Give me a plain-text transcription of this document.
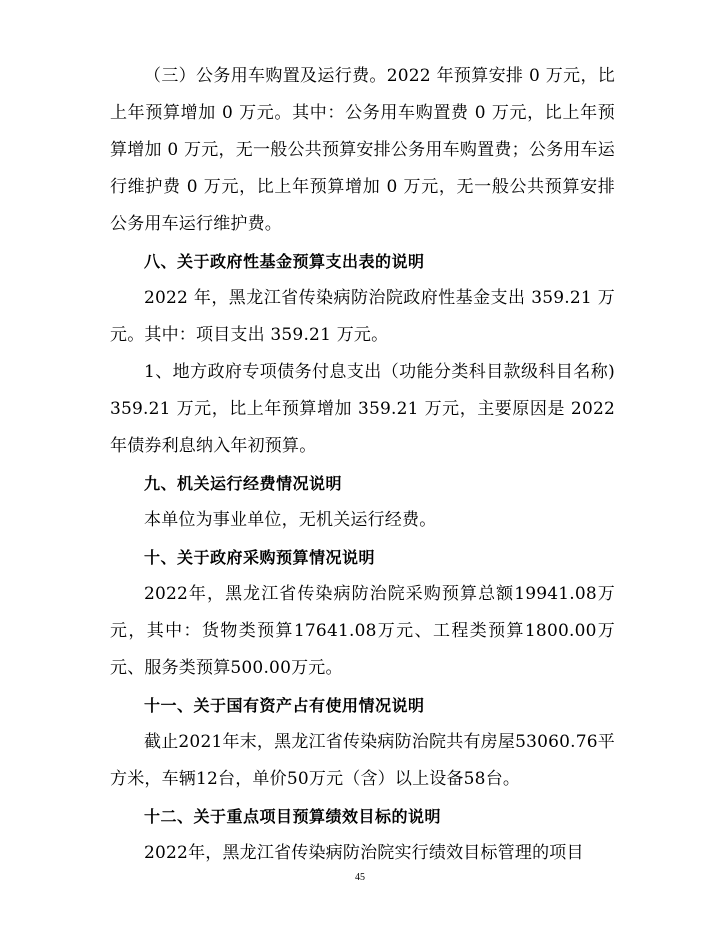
（三）公务用车购置及运行费。2022 年预算安排 0 万元，比上年预算增加 0 万元。其中：公务用车购置费 0 万元，比上年预算增加 0 万元，无一般公共预算安排公务用车购置费；公务用车运行维护费 0 万元，比上年预算增加 0 万元，无一般公共预算安排公务用车运行维护费。

八、关于政府性基金预算支出表的说明

2022 年，黑龙江省传染病防治院政府性基金支出 359.21 万元。其中：项目支出 359.21 万元。

1、地方政府专项债务付息支出（功能分类科目款级科目名称)359.21 万元，比上年预算增加 359.21 万元，主要原因是 2022 年债券利息纳入年初预算。

九、机关运行经费情况说明

本单位为事业单位，无机关运行经费。

十、关于政府采购预算情况说明

2022年，黑龙江省传染病防治院采购预算总额19941.08万元，其中：货物类预算17641.08万元、工程类预算1800.00万元、服务类预算500.00万元。

十一、关于国有资产占有使用情况说明

截止2021年末，黑龙江省传染病防治院共有房屋53060.76平方米，车辆12台，单价50万元（含）以上设备58台。

十二、关于重点项目预算绩效目标的说明

2022年，黑龙江省传染病防治院实行绩效目标管理的项目

45
